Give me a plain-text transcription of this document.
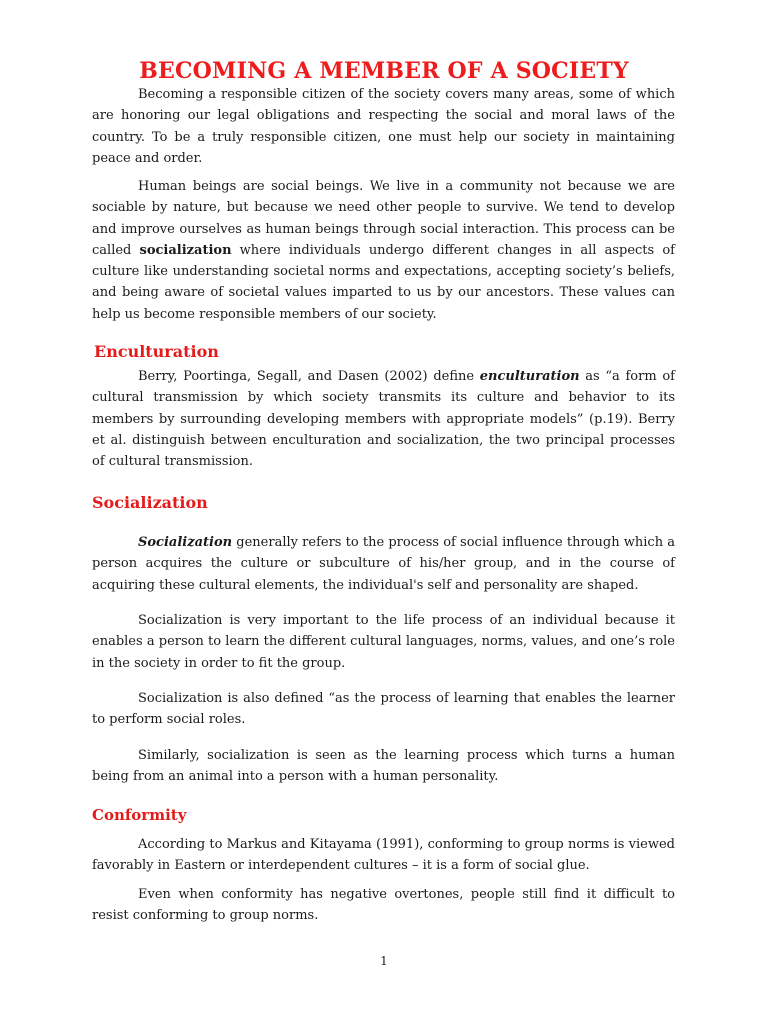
BECOMING A MEMBER OF A SOCIETY

Becoming a responsible citizen of the society covers many areas, some of which are honoring our legal obligations and respecting the social and moral laws of the country. To be a truly responsible citizen, one must help our society in maintaining peace and order.

Human beings are social beings. We live in a community not because we are sociable by nature, but because we need other people to survive. We tend to develop and improve ourselves as human beings through social interaction. This process can be called socialization where individuals undergo different changes in all aspects of culture like understanding societal norms and expectations, accepting society’s beliefs, and being aware of societal values imparted to us by our ancestors. These values can help us become responsible members of our society.

Enculturation

Berry, Poortinga, Segall, and Dasen (2002) define enculturation as “a form of cultural transmission by which society transmits its culture and behavior to its members by surrounding developing members with appropriate models” (p.19). Berry et al. distinguish between enculturation and socialization, the two principal processes of cultural transmission.

Socialization

Socialization generally refers to the process of social influence through which a person acquires the culture or subculture of his/her group, and in the course of acquiring these cultural elements, the individual's self and personality are shaped.

Socialization is very important to the life process of an individual because it enables a person to learn the different cultural languages, norms, values, and one’s role in the society in order to fit the group.

Socialization is also defined “as the process of learning that enables the learner to perform social roles.

Similarly, socialization is seen as the learning process which turns a human being from an animal into a person with a human personality.

Conformity

According to Markus and Kitayama (1991), conforming to group norms is viewed favorably in Eastern or interdependent cultures – it is a form of social glue.

Even when conformity has negative overtones, people still find it difficult to resist conforming to group norms.

1
